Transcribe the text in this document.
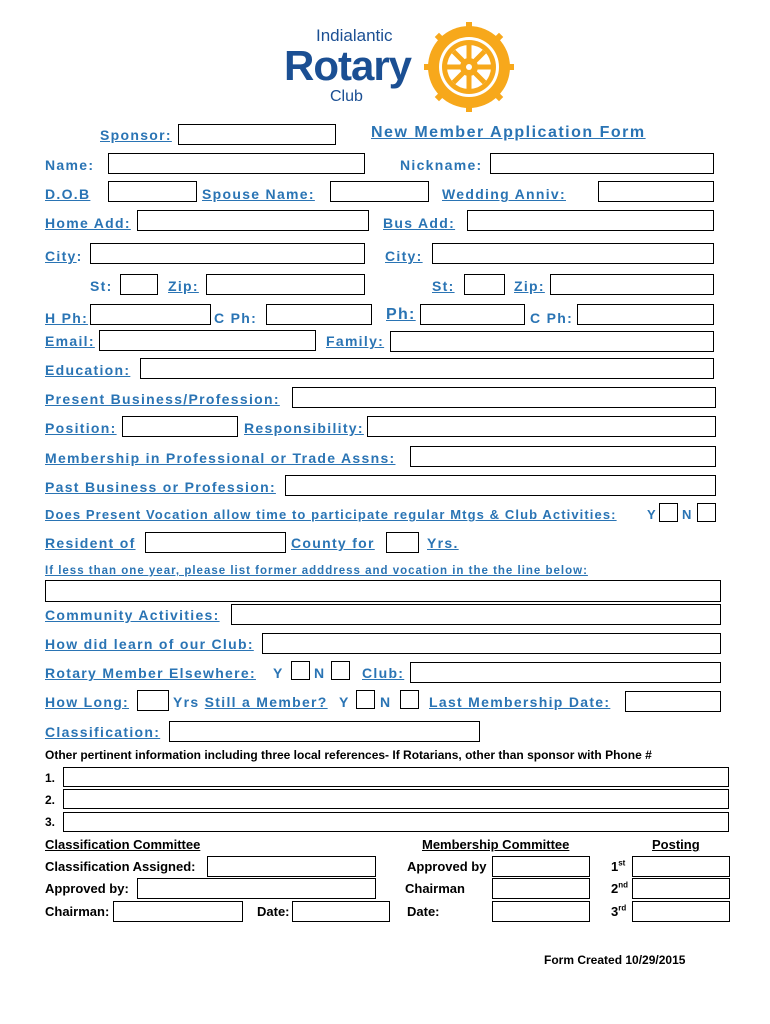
Indialantic
Rotary
Club
Sponsor:	New Member Application Form
Name:	Nickname:
D.O.B	Spouse Name:	Wedding Anniv:
Home Add:	Bus Add:
City:	City:
St:	Zip:	St:	Zip:
H Ph:	C Ph:	Ph:	C Ph:
Email:	Family:
Education:
Present Business/Profession:
Position:	Responsibility:
Membership in Professional or Trade Assns:
Past Business or Profession:
Does Present Vocation allow time to participate regular Mtgs & Club Activities: Y N
Resident of	County for	Yrs.
If less than one year, please list former adddress and vocation in the the line below:
Community Activities:
How did learn of our Club:
Rotary Member Elsewhere: Y N	Club:
How Long:	Yrs Still a Member? Y N	Last Membership Date:
Classification:
Other pertinent information including three local references- If Rotarians, other than sponsor with Phone #
1.
2.
3.
Classification Committee	Membership Committee	Posting
Classification Assigned:	Approved by	1st
Approved by:	Chairman	2nd
Chairman:	Date:	Date:	3rd
Form Created 10/29/2015
